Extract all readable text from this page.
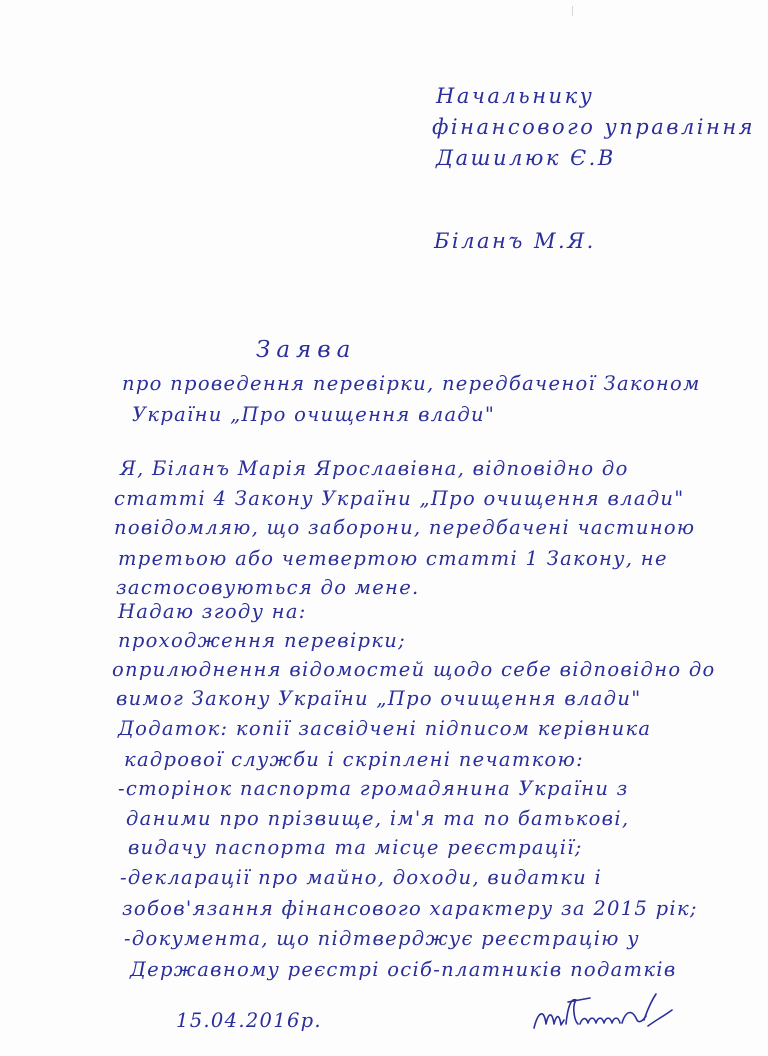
Начальнику
фінансового управління
Дашилюк Є.В
Біланъ М.Я.
Заява
про проведення перевірки, передбаченої Законом
України „Про очищення влади"
Я, Біланъ Марія Ярославівна, відповідно до
статті 4 Закону України „Про очищення влади"
повідомляю, що заборони, передбачені частиною
третьою або четвертою статті 1 Закону, не
застосовуються до мене.
Надаю згоду на:
проходження перевірки;
оприлюднення відомостей щодо себе відповідно до
вимог Закону України „Про очищення влади"
Додаток: копії засвідчені підписом керівника
кадрової служби і скріплені печаткою:
-сторінок паспорта громадянина України з
даними про прізвище, ім'я та по батькові,
видачу паспорта та місце реєстрації;
-декларації про майно, доходи, видатки і
зобов'язання фінансового характеру за 2015 рік;
-документа, що підтверджує реєстрацію у
Державному реєстрі осіб-платників податків
15.04.2016р.
